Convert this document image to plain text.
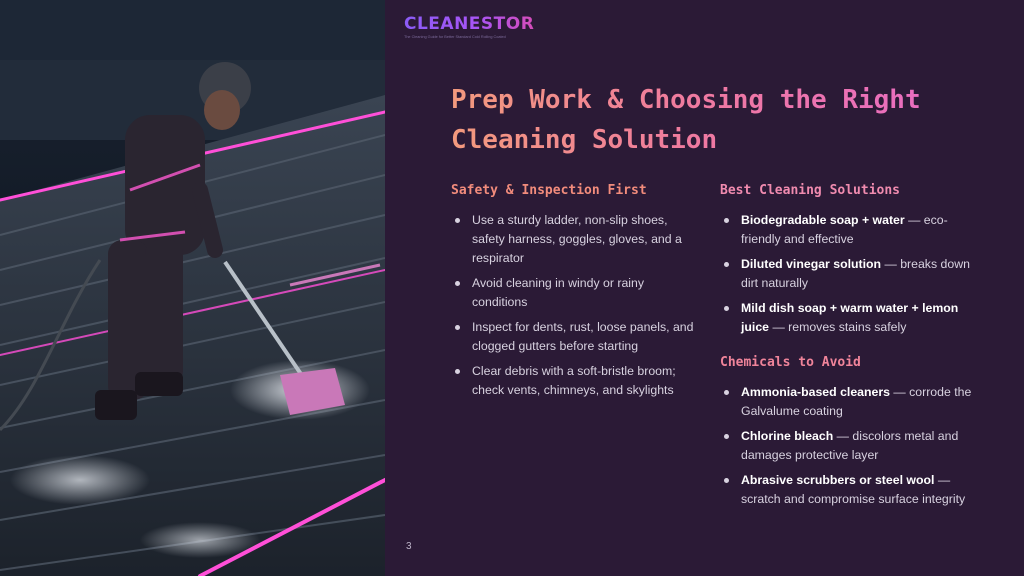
CLEANESTOR
The Cleaning Guide for Better Standard Cold Rolling Coated
Prep Work & Choosing the Right Cleaning Solution
Safety & Inspection First
Use a sturdy ladder, non-slip shoes, safety harness, goggles, gloves, and a respirator
Avoid cleaning in windy or rainy conditions
Inspect for dents, rust, loose panels, and clogged gutters before starting
Clear debris with a soft-bristle broom; check vents, chimneys, and skylights
Best Cleaning Solutions
Biodegradable soap + water — eco-friendly and effective
Diluted vinegar solution — breaks down dirt naturally
Mild dish soap + warm water + lemon juice — removes stains safely
Chemicals to Avoid
Ammonia-based cleaners — corrode the Galvalume coating
Chlorine bleach — discolors metal and damages protective layer
Abrasive scrubbers or steel wool — scratch and compromise surface integrity
3
